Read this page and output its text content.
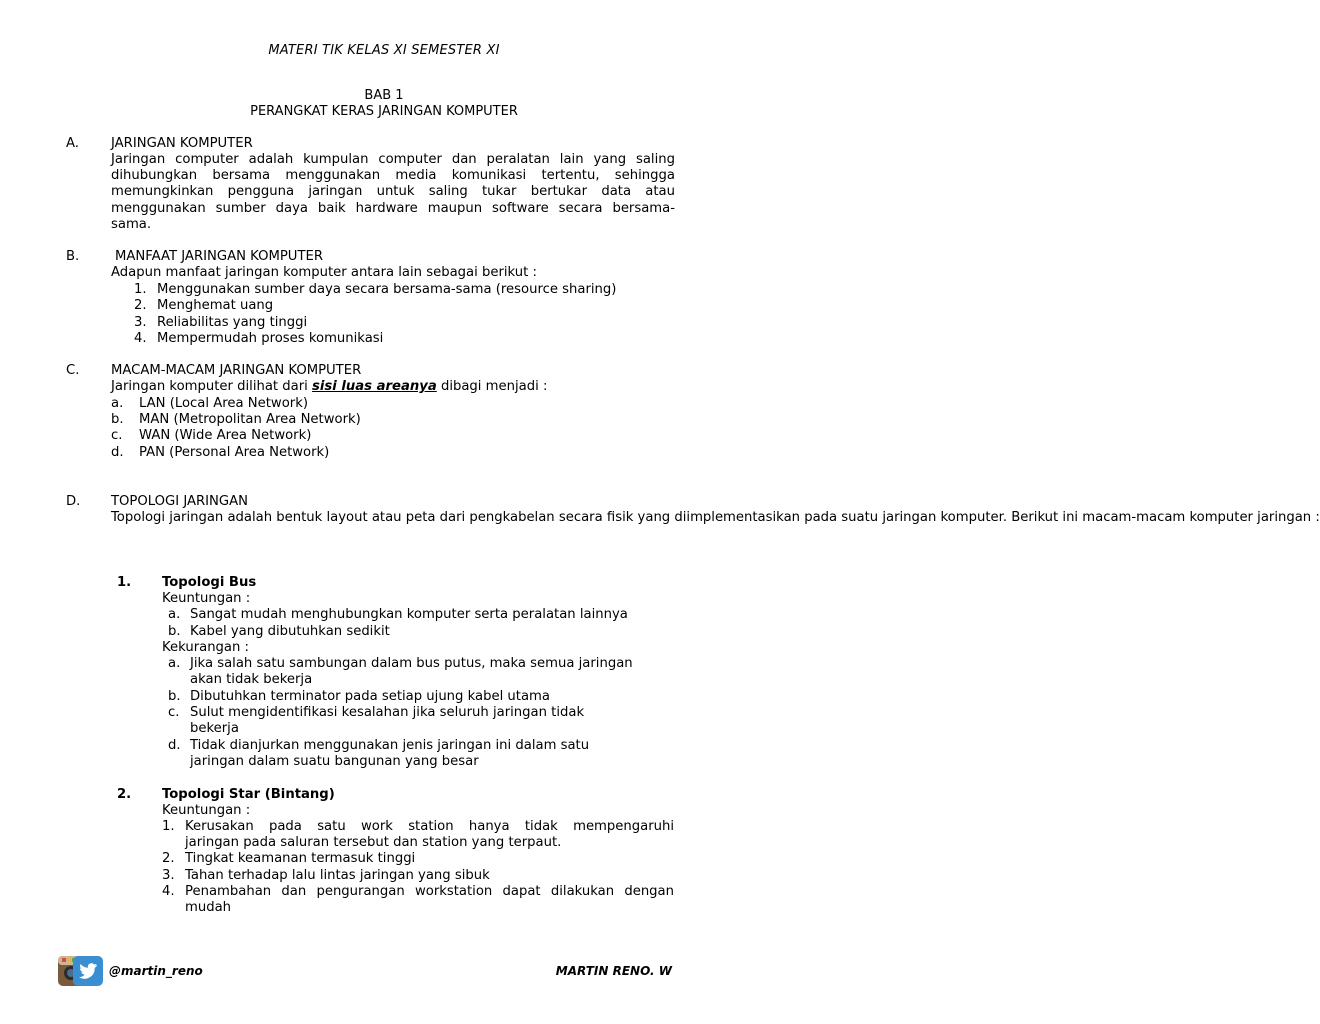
MATERI TIK KELAS XI SEMESTER XI
BAB 1
PERANGKAT KERAS JARINGAN KOMPUTER
A. JARINGAN KOMPUTER
Jaringan computer adalah kumpulan computer dan peralatan lain yang saling
dihubungkan bersama menggunakan media komunikasi tertentu, sehingga
memungkinkan pengguna jaringan untuk saling tukar bertukar data atau
menggunakan sumber daya baik hardware maupun software secara bersama-
sama.
B.	MANFAAT JARINGAN KOMPUTER
Adapun manfaat jaringan komputer antara lain sebagai berikut :
1. Menggunakan sumber daya secara bersama-sama (resource sharing)
2. Menghemat uang
3. Reliabilitas yang tinggi
4. Mempermudah proses komunikasi
C. MACAM-MACAM JARINGAN KOMPUTER
Jaringan komputer dilihat dari sisi luas areanya dibagi menjadi :
a. LAN (Local Area Network)
b. MAN (Metropolitan Area Network)
c. WAN (Wide Area Network)
d. PAN (Personal Area Network)
D. TOPOLOGI JARINGAN
Topologi jaringan adalah bentuk layout atau peta dari pengkabelan secara fisik yang diimplementasikan pada suatu jaringan komputer. Berikut ini macam-macam komputer jaringan :
1. Topologi Bus
Keuntungan :
a. Sangat mudah menghubungkan komputer serta peralatan lainnya
b. Kabel yang dibutuhkan sedikit
Kekurangan :
a. Jika salah satu sambungan dalam bus putus, maka semua jaringan
akan tidak bekerja
b. Dibutuhkan terminator pada setiap ujung kabel utama
c. Sulut mengidentifikasi kesalahan jika seluruh jaringan tidak
bekerja
d. Tidak dianjurkan menggunakan jenis jaringan ini dalam satu
jaringan dalam suatu bangunan yang besar
2. Topologi Star (Bintang)
Keuntungan :
1. Kerusakan pada satu work station hanya tidak mempengaruhi
jaringan pada saluran tersebut dan station yang terpaut.
2. Tingkat keamanan termasuk tinggi
3. Tahan terhadap lalu lintas jaringan yang sibuk
4. Penambahan dan pengurangan workstation dapat dilakukan dengan
mudah
@martin_reno	MARTIN RENO. W
